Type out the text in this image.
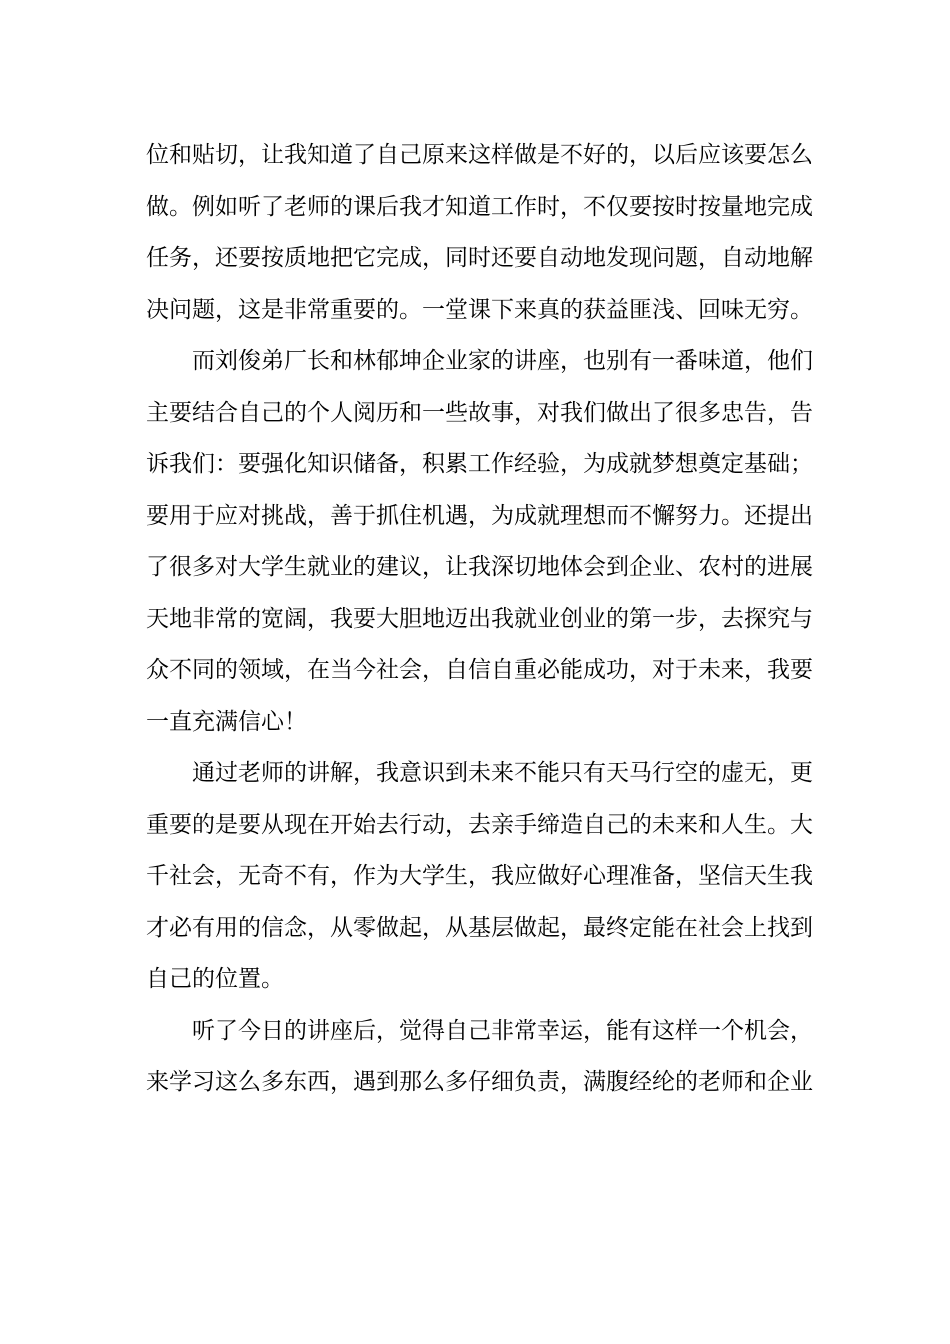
位和贴切，让我知道了自己原来这样做是不好的，以后应该要怎么
做。例如听了老师的课后我才知道工作时，不仅要按时按量地完成
任务，还要按质地把它完成，同时还要自动地发现问题，自动地解
决问题，这是非常重要的。一堂课下来真的获益匪浅、回味无穷。
而刘俊弟厂长和林郁坤企业家的讲座，也别有一番味道，他们
主要结合自己的个人阅历和一些故事，对我们做出了很多忠告，告
诉我们：要强化知识储备，积累工作经验，为成就梦想奠定基础；
要用于应对挑战，善于抓住机遇，为成就理想而不懈努力。还提出
了很多对大学生就业的建议，让我深切地体会到企业、农村的进展
天地非常的宽阔，我要大胆地迈出我就业创业的第一步，去探究与
众不同的领域，在当今社会，自信自重必能成功，对于未来，我要
一直充满信心！
通过老师的讲解，我意识到未来不能只有天马行空的虚无，更
重要的是要从现在开始去行动，去亲手缔造自己的未来和人生。大
千社会，无奇不有，作为大学生，我应做好心理准备，坚信天生我
才必有用的信念，从零做起，从基层做起，最终定能在社会上找到
自己的位置。
听了今日的讲座后，觉得自己非常幸运，能有这样一个机会，
来学习这么多东西，遇到那么多仔细负责，满腹经纶的老师和企业
